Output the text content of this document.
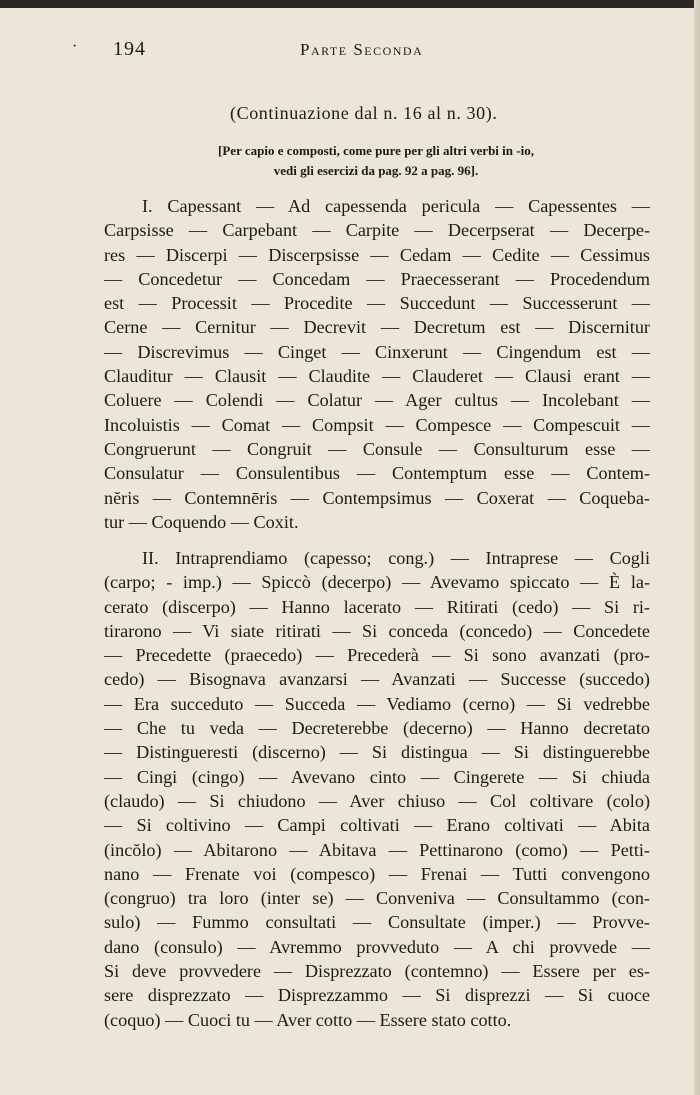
· 194	Parte Seconda
(Continuazione dal n. 16 al n. 30).
[Per capio e composti, come pure per gli altri verbi in -io,
vedi gli esercizi da pag. 92 a pag. 96].
I. Capessant — Ad capessenda pericula — Capessentes —
Carpsisse — Carpebant — Carpite — Decerpserat — Decerpe-
res — Discerpi — Discerpsisse — Cedam — Cedite — Cessimus
— Concedetur — Concedam — Praecesserant — Procedendum
est — Processit — Procedite — Succedunt — Successerunt —
Cerne — Cernitur — Decrevit — Decretum est — Discernitur
— Discrevimus — Cinget — Cinxerunt — Cingendum est —
Clauditur — Clausit — Claudite — Clauderet — Clausi erant —
Coluere — Colendi — Colatur — Ager cultus — Incolebant —
Incoluistis — Comat — Compsit — Compesce — Compescuit —
Congruerunt — Congruit — Consule — Consulturum esse —
Consulatur — Consulentibus — Contemptum esse — Contem-
nĕris — Contemnēris — Contempsimus — Coxerat — Coqueba-
tur — Coquendo — Coxit.
II. Intraprendiamo (capesso; cong.) — Intraprese — Cogli
(carpo; - imp.) — Spiccò (decerpo) — Avevamo spiccato — È la-
cerato (discerpo) — Hanno lacerato — Ritirati (cedo) — Si ri-
tirarono — Vi siate ritirati — Si conceda (concedo) — Concedete
— Precedette (praecedo) — Precederà — Si sono avanzati (pro-
cedo) — Bisognava avanzarsi — Avanzati — Successe (succedo)
— Era succeduto — Succeda — Vediamo (cerno) — Si vedrebbe
— Che tu veda — Decreterebbe (decerno) — Hanno decretato
— Distingueresti (discerno) — Si distingua — Si distinguerebbe
— Cingi (cingo) — Avevano cinto — Cingerete — Si chiuda
(claudo) — Si chiudono — Aver chiuso — Col coltivare (colo)
— Si coltivino — Campi coltivati — Erano coltivati — Abita
(incŏlo) — Abitarono — Abitava — Pettinarono (como) — Petti-
nano — Frenate voi (compesco) — Frenai — Tutti convengono
(congruo) tra loro (inter se) — Conveniva — Consultammo (con-
sulo) — Fummo consultati — Consultate (imper.) — Provve-
dano (consulo) — Avremmo provveduto — A chi provvede —
Si deve provvedere — Disprezzato (contemno) — Essere per es-
sere disprezzato — Disprezzammo — Si disprezzi — Si cuoce
(coquo) — Cuoci tu — Aver cotto — Essere stato cotto.
